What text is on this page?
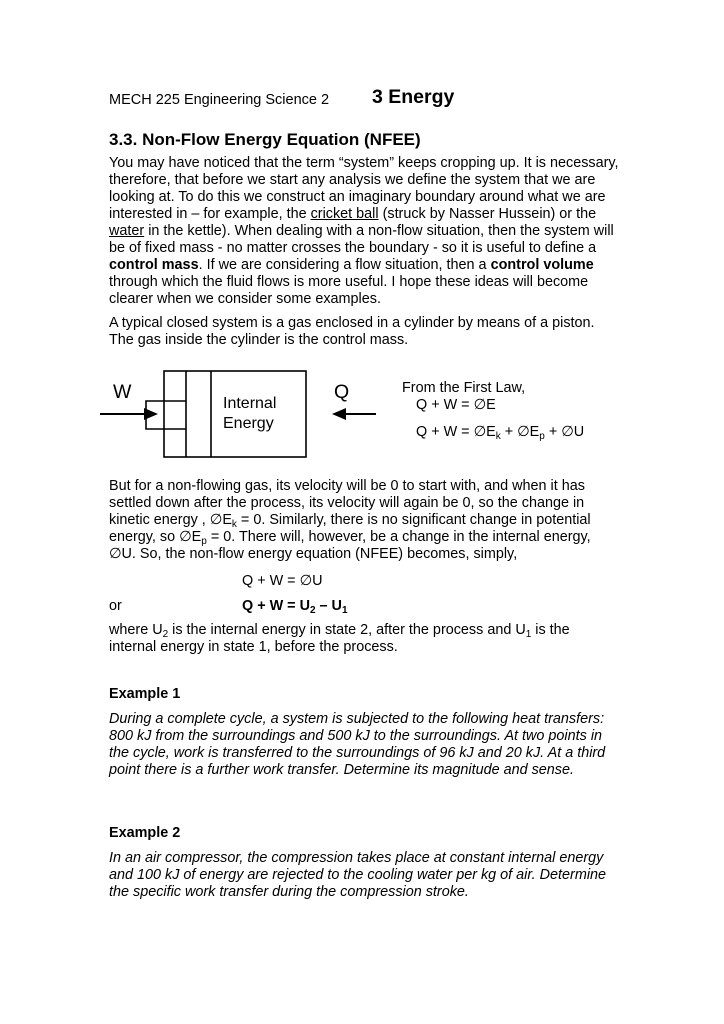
MECH 225 Engineering Science 2 3 Energy
3.3. Non-Flow Energy Equation (NFEE)

You may have noticed that the term “system” keeps cropping up. It is necessary, therefore, that before we start any analysis we define the system that we are looking at. To do this we construct an imaginary boundary around what we are interested in – for example, the cricket ball (struck by Nasser Hussein) or the water in the kettle). When dealing with a non-flow situation, then the system will be of fixed mass - no matter crosses the boundary - so it is useful to define a control mass. If we are considering a flow situation, then a control volume through which the fluid flows is more useful. I hope these ideas will become clearer when we consider some examples.

A typical closed system is a gas enclosed in a cylinder by means of a piston. The gas inside the cylinder is the control mass.

W	Q
Internal
Energy
From the First Law,
Q + W = ∅E
$Q + W = \emptyset E_k$ + $\emptyset E_p$ + ∅U

But for a non-flowing gas, its velocity will be 0 to start with, and when it has settled down after the process, its velocity will again be 0, so the change in kinetic energy , $\emptyset E_k = 0$. Similarly, there is no significant change in potential energy, so $\emptyset E_p = 0$. There will, however, be a change in the internal energy, ∅U. So, the non-flow energy equation (NFEE) becomes, simply,

Q + W = ∅U
or	$Q + W = U_2 - U_1$

where $U_2$ is the internal energy in state 2, after the process and $U_1$ is the internal energy in state 1, before the process.

Example 1

During a complete cycle, a system is subjected to the following heat transfers: 800 kJ from the surroundings and 500 kJ to the surroundings. At two points in the cycle, work is transferred to the surroundings of 96 kJ and 20 kJ. At a third point there is a further work transfer. Determine its magnitude and sense.

Example 2

In an air compressor, the compression takes place at constant internal energy and 100 kJ of energy are rejected to the cooling water per kg of air. Determine the specific work transfer during the compression stroke.
